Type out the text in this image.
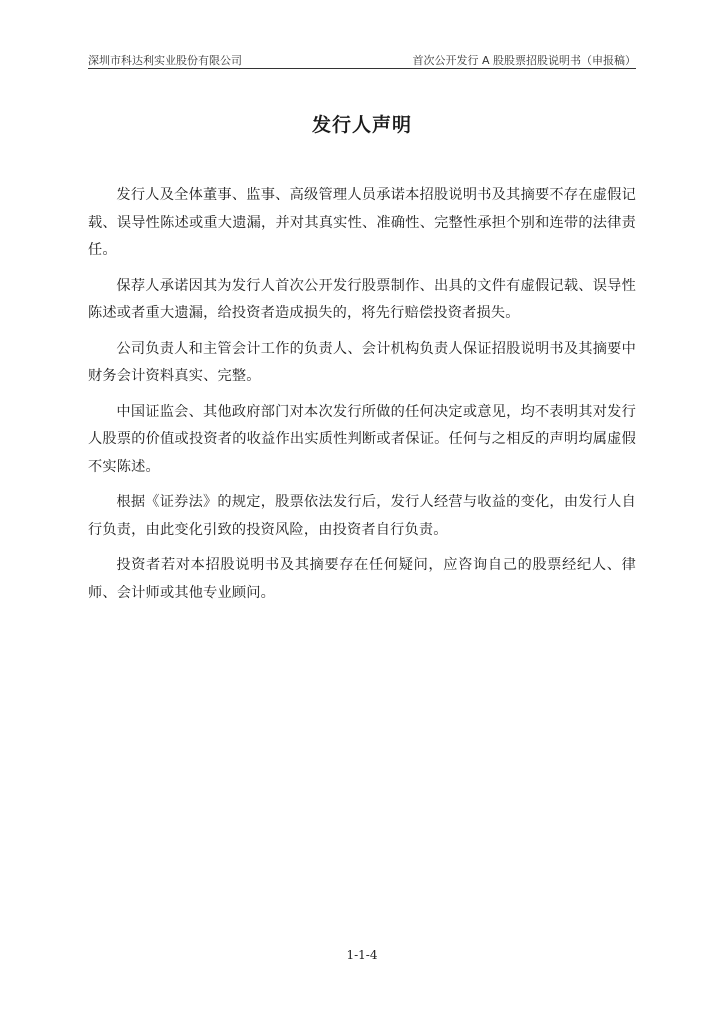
深圳市科达利实业股份有限公司	首次公开发行 A 股股票招股说明书（申报稿）
发行人声明

发行人及全体董事、监事、高级管理人员承诺本招股说明书及其摘要不存在虚假记载、误导性陈述或重大遗漏，并对其真实性、准确性、完整性承担个别和连带的法律责任。

保荐人承诺因其为发行人首次公开发行股票制作、出具的文件有虚假记载、误导性陈述或者重大遗漏，给投资者造成损失的，将先行赔偿投资者损失。

公司负责人和主管会计工作的负责人、会计机构负责人保证招股说明书及其摘要中财务会计资料真实、完整。

中国证监会、其他政府部门对本次发行所做的任何决定或意见，均不表明其对发行人股票的价值或投资者的收益作出实质性判断或者保证。任何与之相反的声明均属虚假不实陈述。

根据《证券法》的规定，股票依法发行后，发行人经营与收益的变化，由发行人自行负责，由此变化引致的投资风险，由投资者自行负责。

投资者若对本招股说明书及其摘要存在任何疑问，应咨询自己的股票经纪人、律师、会计师或其他专业顾问。

1-1-4
